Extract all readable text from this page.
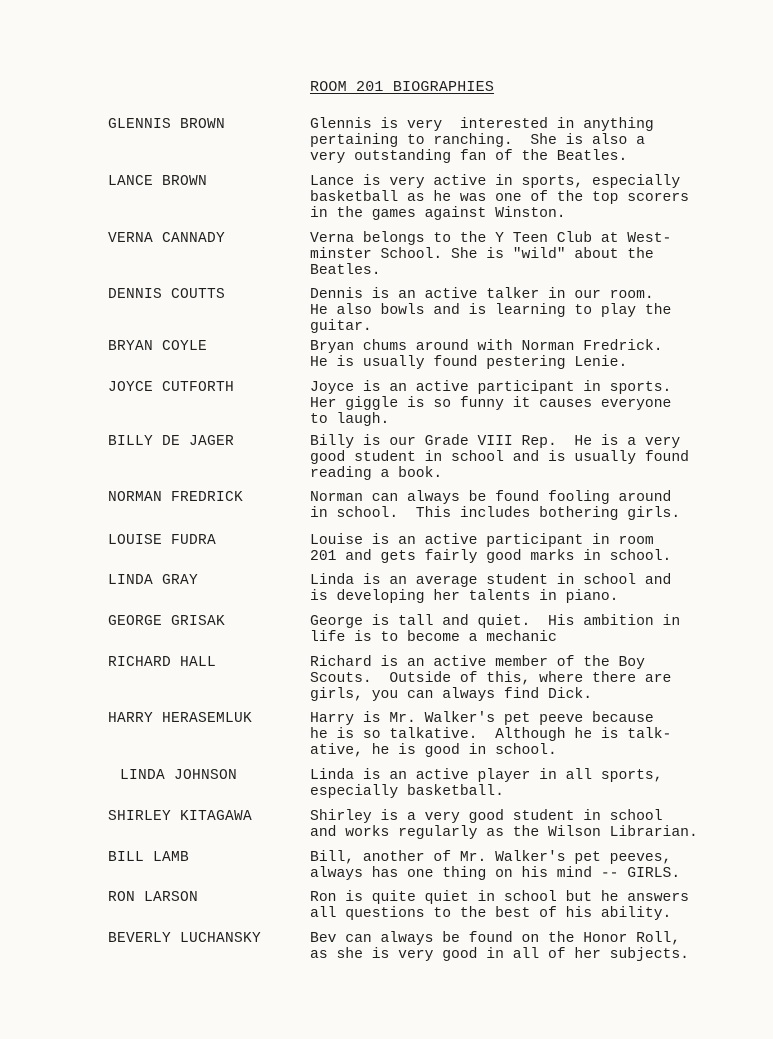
ROOM 201 BIOGRAPHIES
GLENNIS BROWN	Glennis is very  interested in anything
pertaining to ranching.  She is also a
very outstanding fan of the Beatles.
LANCE BROWN	Lance is very active in sports, especially
basketball as he was one of the top scorers
in the games against Winston.
VERNA CANNADY	Verna belongs to the Y Teen Club at West-
minster School. She is "wild" about the
Beatles.
DENNIS COUTTS	Dennis is an active talker in our room.
He also bowls and is learning to play the
guitar.
BRYAN COYLE	Bryan chums around with Norman Fredrick.
He is usually found pestering Lenie.
JOYCE CUTFORTH	Joyce is an active participant in sports.
Her giggle is so funny it causes everyone
to laugh.
BILLY DE JAGER	Billy is our Grade VIII Rep.  He is a very
good student in school and is usually found
reading a book.
NORMAN FREDRICK	Norman can always be found fooling around
in school.  This includes bothering girls.
LOUISE FUDRA	Louise is an active participant in room
201 and gets fairly good marks in school.
LINDA GRAY	Linda is an average student in school and
is developing her talents in piano.
GEORGE GRISAK	George is tall and quiet.  His ambition in
life is to become a mechanic
RICHARD HALL	Richard is an active member of the Boy
Scouts.  Outside of this, where there are
girls, you can always find Dick.
HARRY HERASEMLUK	Harry is Mr. Walker's pet peeve because
he is so talkative.  Although he is talk-
ative, he is good in school.
LINDA JOHNSON	Linda is an active player in all sports,
especially basketball.
SHIRLEY KITAGAWA	Shirley is a very good student in school
and works regularly as the Wilson Librarian.
BILL LAMB	Bill, another of Mr. Walker's pet peeves,
always has one thing on his mind -- GIRLS.
RON LARSON	Ron is quite quiet in school but he answers
all questions to the best of his ability.
BEVERLY LUCHANSKY	Bev can always be found on the Honor Roll,
as she is very good in all of her subjects.
